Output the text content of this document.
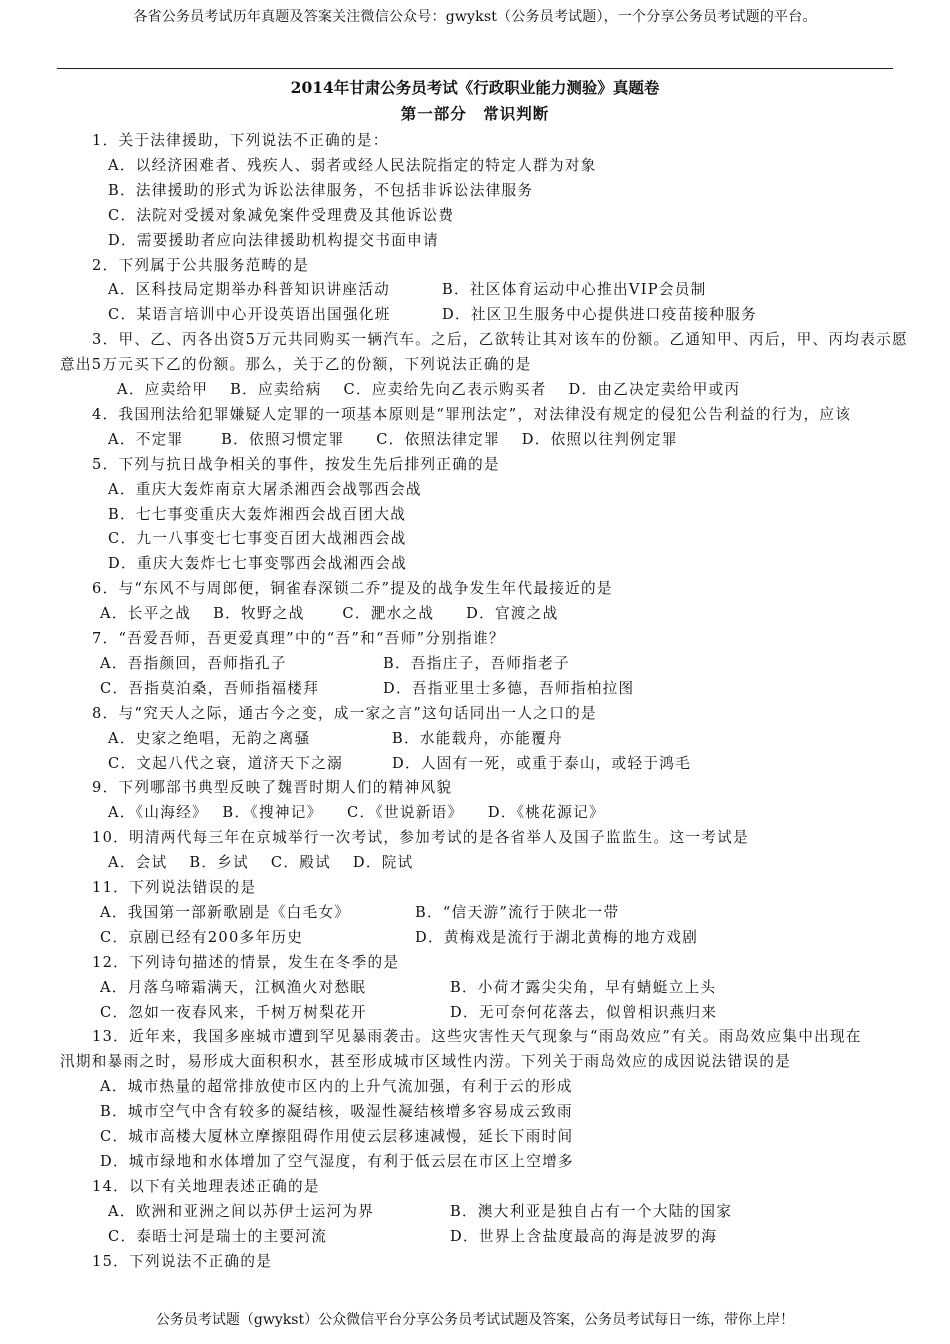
各省公务员考试历年真题及答案关注微信公众号：gwykst（公务员考试题），一个分享公务员考试题的平台。
2014年甘肃公务员考试《行政职业能力测验》真题卷
第一部分　常识判断
1．关于法律援助，下列说法不正确的是：
A．以经济困难者、残疾人、弱者或经人民法院指定的特定人群为对象
B．法律援助的形式为诉讼法律服务，不包括非诉讼法律服务
C．法院对受援对象减免案件受理费及其他诉讼费
D．需要援助者应向法律援助机构提交书面申请
2．下列属于公共服务范畴的是
A．区科技局定期举办科普知识讲座活动	B．社区体育运动中心推出VIP会员制
C．某语言培训中心开设英语出国强化班	D．社区卫生服务中心提供进口疫苗接种服务
3．甲、乙、丙各出资5万元共同购买一辆汽车。之后，乙欲转让其对该车的份额。乙通知甲、丙后，甲、丙均表示愿
意出5万元买下乙的份额。那么，关于乙的份额，下列说法正确的是
A．应卖给甲　 B．应卖给病　 C．应卖给先向乙表示购买者　 D．由乙决定卖给甲或丙
4．我国刑法给犯罪嫌疑人定罪的一项基本原则是“罪刑法定”，对法律没有规定的侵犯公告利益的行为，应该
A．不定罪　　 B．依照习惯定罪　　C．依照法律定罪　 D．依照以往判例定罪
5．下列与抗日战争相关的事件，按发生先后排列正确的是
A．重庆大轰炸南京大屠杀湘西会战鄂西会战
B．七七事变重庆大轰炸湘西会战百团大战
C．九一八事变七七事变百团大战湘西会战
D．重庆大轰炸七七事变鄂西会战湘西会战
6．与“东风不与周郎便，铜雀春深锁二乔”提及的战争发生年代最接近的是
A．长平之战　 B．牧野之战　　 C．淝水之战　　D．官渡之战
7．“吾爱吾师，吾更爱真理”中的“吾”和“吾师”分别指谁？
A．吾指颜回，吾师指孔子	B．吾指庄子，吾师指老子
C．吾指莫泊桑，吾师指福楼拜	D．吾指亚里士多德，吾师指柏拉图
8．与“究天人之际，通古今之变，成一家之言”这句话同出一人之口的是
A．史家之绝唱，无韵之离骚	B．水能载舟，亦能覆舟
C．文起八代之衰，道济天下之溺	D．人固有一死，或重于泰山，或轻于鸿毛
9．下列哪部书典型反映了魏晋时期人们的精神风貌
A．《山海经》　 B．《搜神记》　　C．《世说新语》　　D．《桃花源记》
10．明清两代每三年在京城举行一次考试，参加考试的是各省举人及国子监监生。这一考试是
A．会试　 B．乡试　 C．殿试　 D．院试
11．下列说法错误的是
A．我国第一部新歌剧是《白毛女》	B．“信天游”流行于陕北一带
C．京剧已经有200多年历史	D．黄梅戏是流行于湖北黄梅的地方戏剧
12．下列诗句描述的情景，发生在冬季的是
A．月落乌啼霜满天，江枫渔火对愁眠	B．小荷才露尖尖角，早有蜻蜓立上头
C．忽如一夜春风来，千树万树梨花开	D．无可奈何花落去，似曾相识燕归来
13．近年来，我国多座城市遭到罕见暴雨袭击。这些灾害性天气现象与“雨岛效应”有关。雨岛效应集中出现在
汛期和暴雨之时，易形成大面积积水，甚至形成城市区域性内涝。下列关于雨岛效应的成因说法错误的是
A．城市热量的超常排放使市区内的上升气流加强，有利于云的形成
B．城市空气中含有较多的凝结核，吸湿性凝结核增多容易成云致雨
C．城市高楼大厦林立摩擦阻碍作用使云层移速减慢，延长下雨时间
D．城市绿地和水体增加了空气湿度，有利于低云层在市区上空增多
14．以下有关地理表述正确的是
A．欧洲和亚洲之间以苏伊士运河为界	B．澳大利亚是独自占有一个大陆的国家
C．泰晤士河是瑞士的主要河流	D．世界上含盐度最高的海是波罗的海
15．下列说法不正确的是
公务员考试题（gwykst）公众微信平台分享公务员考试试题及答案，公务员考试每日一练，带你上岸！
